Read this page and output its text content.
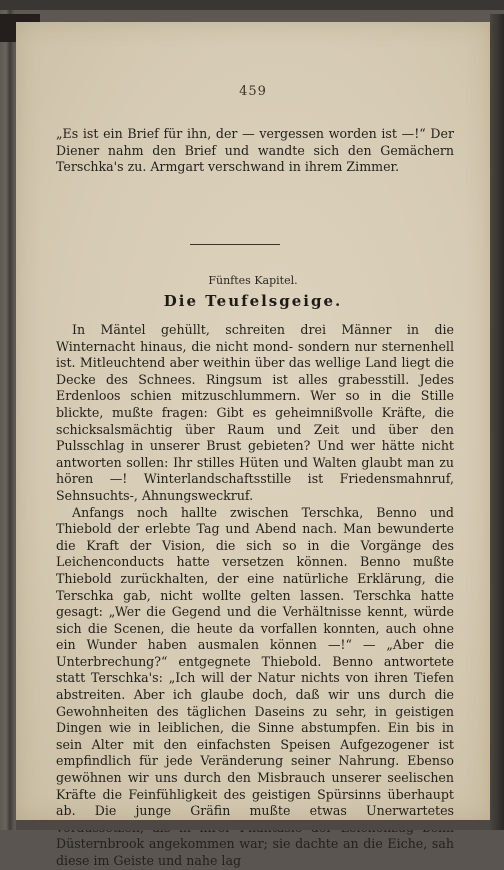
459

„Es ist ein Brief für ihn, der — vergessen worden ist —!“ Der Diener nahm den Brief und wandte sich den Gemächern Terschka's zu. Armgart verschwand in ihrem Zimmer.

Fünftes Kapitel.
Die Teufelsgeige.

In Mäntel gehüllt, schreiten drei Männer in die Winternacht hinaus, die nicht mond- sondern nur sternenhell ist. Mitleuchtend aber weithin über das wellige Land liegt die Decke des Schnees. Ringsum ist alles grabesstill. Jedes Erdenloos schien mitzuschlummern. Wer so in die Stille blickte, mußte fragen: Gibt es geheimnißvolle Kräfte, die schicksalsmächtig über Raum und Zeit und über den Pulsschlag in unserer Brust gebieten? Und wer hätte nicht antworten sollen: Ihr stilles Hüten und Walten glaubt man zu hören —! Winterlandschaftsstille ist Friedensmahnruf, Sehnsuchts-, Ahnungsweckruf.

Anfangs noch hallte zwischen Terschka, Benno und Thiebold der erlebte Tag und Abend nach. Man bewunderte die Kraft der Vision, die sich so in die Vorgänge des Leichenconducts hatte versetzen können. Benno mußte Thiebold zurückhalten, der eine natürliche Erklärung, die Terschka gab, nicht wollte gelten lassen. Terschka hatte gesagt: „Wer die Gegend und die Verhältnisse kennt, würde sich die Scenen, die heute da vorfallen konnten, auch ohne ein Wunder haben ausmalen können —!“ — „Aber die Unterbrechung?“ entgegnete Thiebold. Benno antwortete statt Terschka's: „Ich will der Natur nichts von ihren Tiefen abstreiten. Aber ich glaube doch, daß wir uns durch die Gewohnheiten des täglichen Daseins zu sehr, in geistigen Dingen wie in leiblichen, die Sinne abstumpfen. Ein bis in sein Alter mit den einfachsten Speisen Aufgezogener ist empfindlich für jede Veränderung seiner Nahrung. Ebenso gewöhnen wir uns durch den Misbrauch unserer seelischen Kräfte die Feinfühligkeit des geistigen Spürsinns überhaupt ab. Die junge Gräfin mußte etwas Unerwartetes Düsternbrook angekommen war; sie dachte an die Eiche, sah diese im Geiste und nahe lag
